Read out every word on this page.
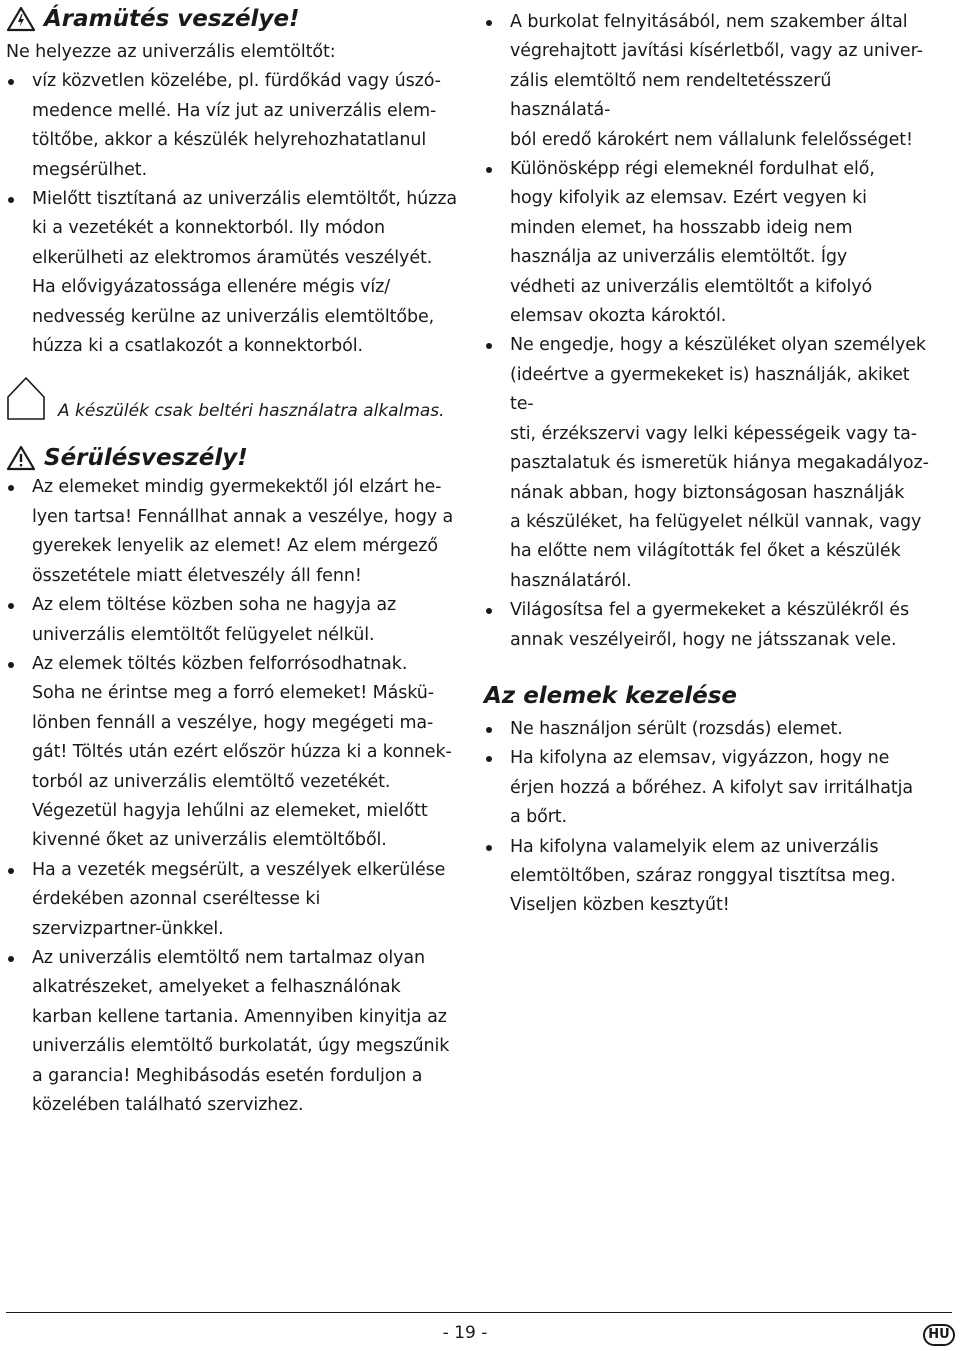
Áramütés veszélye!

Ne helyezze az univerzális elemtöltőt:

víz közvetlen közelébe, pl. fürdőkád vagy úszó-
medence mellé. Ha víz jut az univerzális elem-
töltőbe, akkor a készülék helyrehozhatatlanul
megsérülhet.
Mielőtt tisztítaná az univerzális elemtöltőt, húzza
ki a vezetékét a konnektorból. Ily módon
elkerülheti az elektromos áramütés veszélyét.
Ha elővigyázatossága ellenére mégis víz/
nedvesség kerülne az univerzális elemtöltőbe,
húzza ki a csatlakozót a konnektorból.
A készülék csak beltéri használatra alkalmas.
Sérülésveszély!
Az elemeket mindig gyermekektől jól elzárt he-
lyen tartsa! Fennállhat annak a veszélye, hogy a
gyerekek lenyelik az elemet! Az elem mérgező
összetétele miatt életveszély áll fenn!
Az elem töltése közben soha ne hagyja az
univerzális elemtöltőt felügyelet nélkül.
Az elemek töltés közben felforrósodhatnak.
Soha ne érintse meg a forró elemeket! Máskü-
lönben fennáll a veszélye, hogy megégeti ma-
gát! Töltés után ezért először húzza ki a konnek-
torból az univerzális elemtöltő vezetékét.
Végezetül hagyja lehűlni az elemeket, mielőtt
kivenné őket az univerzális elemtöltőből.
Ha a vezeték megsérült, a veszélyek elkerülése
érdekében azonnal cseréltesse ki
szervizpartner-ünkkel.
Az univerzális elemtöltő nem tartalmaz olyan
alkatrészeket, amelyeket a felhasználónak
karban kellene tartania. Amennyiben kinyitja az
univerzális elemtöltő burkolatát, úgy megszűnik
a garancia! Meghibásodás esetén forduljon a
közelében található szervizhez.
A burkolat felnyitásából, nem szakember által
végrehajtott javítási kísérletből, vagy az univer-
zális elemtöltő nem rendeltetésszerű használatá-
ból eredő károkért nem vállalunk felelősséget!
Különösképp régi elemeknél fordulhat elő,
hogy kifolyik az elemsav. Ezért vegyen ki
minden elemet, ha hosszabb ideig nem
használja az univerzális elemtöltőt. Így
védheti az univerzális elemtöltőt a kifolyó
elemsav okozta károktól.
Ne engedje, hogy a készüléket olyan személyek
(ideértve a gyermekeket is) használják, akiket te-
sti, érzékszervi vagy lelki képességeik vagy ta-
pasztalatuk és ismeretük hiánya megakadályoz-
nának abban, hogy biztonságosan használják
a készüléket, ha felügyelet nélkül vannak, vagy
ha előtte nem világították fel őket a készülék
használatáról.
Világosítsa fel a gyermekeket a készülékről és
annak veszélyeiről, hogy ne játsszanak vele.
Az elemek kezelése
Ne használjon sérült (rozsdás) elemet.
Ha kifolyna az elemsav, vigyázzon, hogy ne
érjen hozzá a bőréhez. A kifolyt sav irritálhatja
a bőrt.
Ha kifolyna valamelyik elem az univerzális
elemtöltőben, száraz ronggyal tisztítsa meg.
Viseljen közben kesztyűt!
- 19 -	HU
